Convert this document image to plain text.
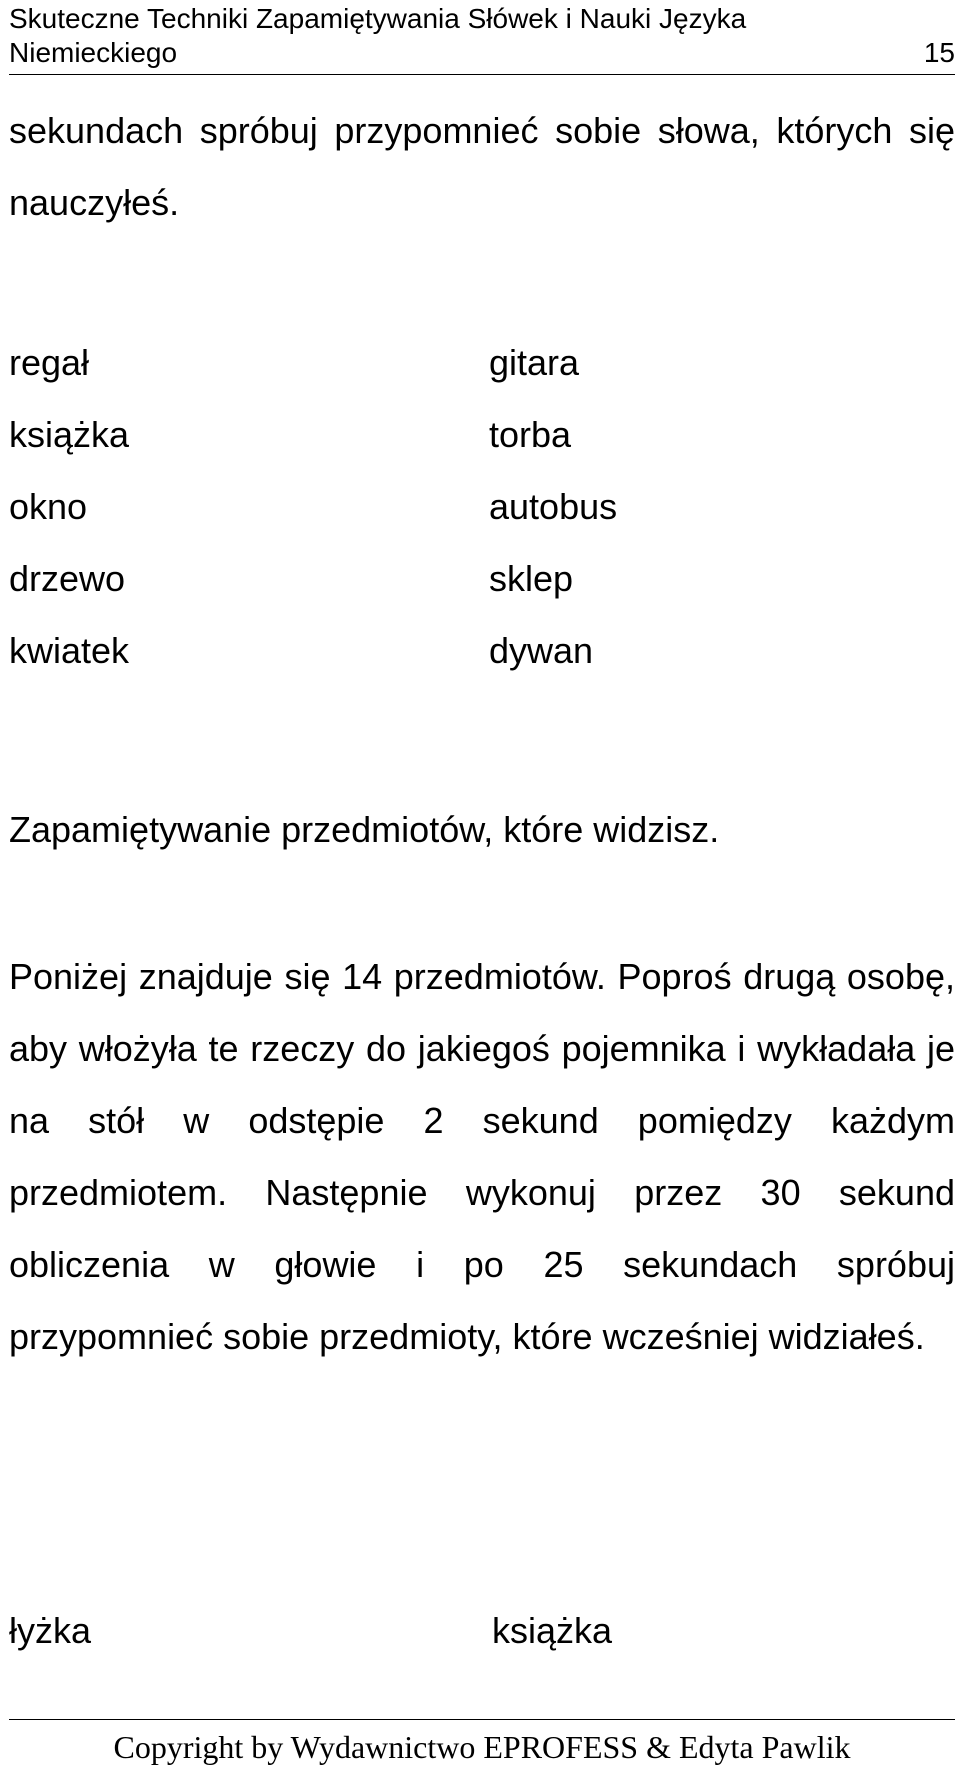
Skuteczne Techniki Zapamiętywania Słówek i Nauki Języka
Niemieckiego	15

sekundach spróbuj przypomnieć sobie słowa, których się nauczyłeś.

regał
książka
okno
drzewo
kwiatek
gitara
torba
autobus
sklep
dywan

Zapamiętywanie przedmiotów, które widzisz.

Poniżej znajduje się 14 przedmiotów. Poproś drugą osobę, aby włożyła te rzeczy do jakiegoś pojemnika i wykładała je na stół w odstępie 2 sekund pomiędzy każdym przedmiotem. Następnie wykonuj przez 30 sekund obliczenia w głowie i po 25 sekundach spróbuj przypomnieć sobie przedmioty, które wcześniej widziałeś.

łyżka	książka
Copyright by Wydawnictwo EPROFESS & Edyta Pawlik
